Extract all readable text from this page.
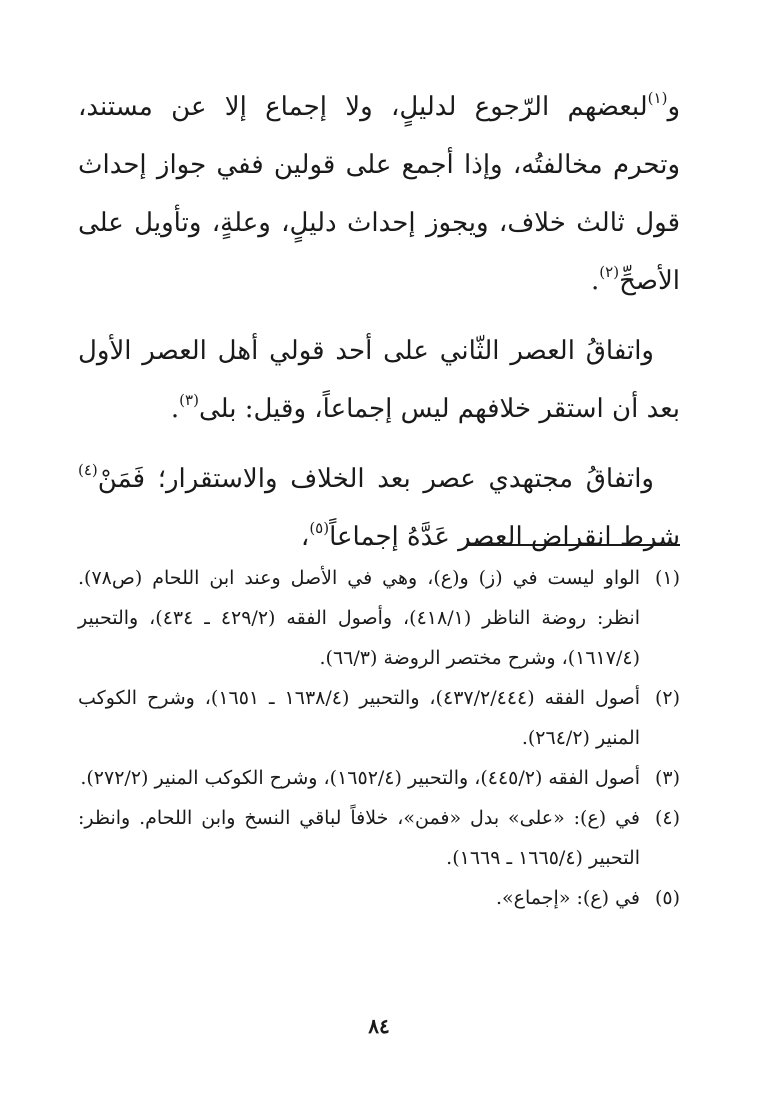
و$^{(١)}$لبعضهم الرّجوع لدليلٍ، ولا إجماع إلا عن مستند، وتحرم مخالفتُه، وإذا أجمع على قولين ففي جواز إحداث قول ثالث خلاف، ويجوز إحداث دليلٍ، وعلةٍ، وتأويل على الأصحِّ$^{(٢)}$.

واتفاقُ العصر الثّاني على أحد قولي أهل العصر الأول بعد أن استقر خلافهم ليس إجماعاً، وقيل: بلى$^{(٣)}$.

واتفاقُ مجتهدي عصر بعد الخلاف والاستقرار؛ فَمَنْ$^{(٤)}$ شرط انقراض العصر عَدَّهُ إجماعاً$^{(٥)}$،

(١)
الواو ليست في (ز) و(ع)، وهي في الأصل وعند ابن اللحام (ص٧٨). انظر: روضة الناظر (٤١٨/١)، وأصول الفقه (٤٢٩/٢ ـ ٤٣٤)، والتحبير (١٦١٧/٤)، وشرح مختصر الروضة (٦٦/٣).
(٢)
أصول الفقه (٤٣٧/٢/٤٤٤)، والتحبير (١٦٣٨/٤ ـ ١٦٥١)، وشرح الكوكب المنير (٢٦٤/٢).
(٣)
أصول الفقه (٤٤٥/٢)، والتحبير (١٦٥٢/٤)، وشرح الكوكب المنير (٢٧٢/٢).
(٤)
في (ع): «على» بدل «فمن»، خلافاً لباقي النسخ وابن اللحام. وانظر: التحبير (١٦٦٥/٤ ـ ١٦٦٩).
(٥)
في (ع): «إجماع».
٨٤
